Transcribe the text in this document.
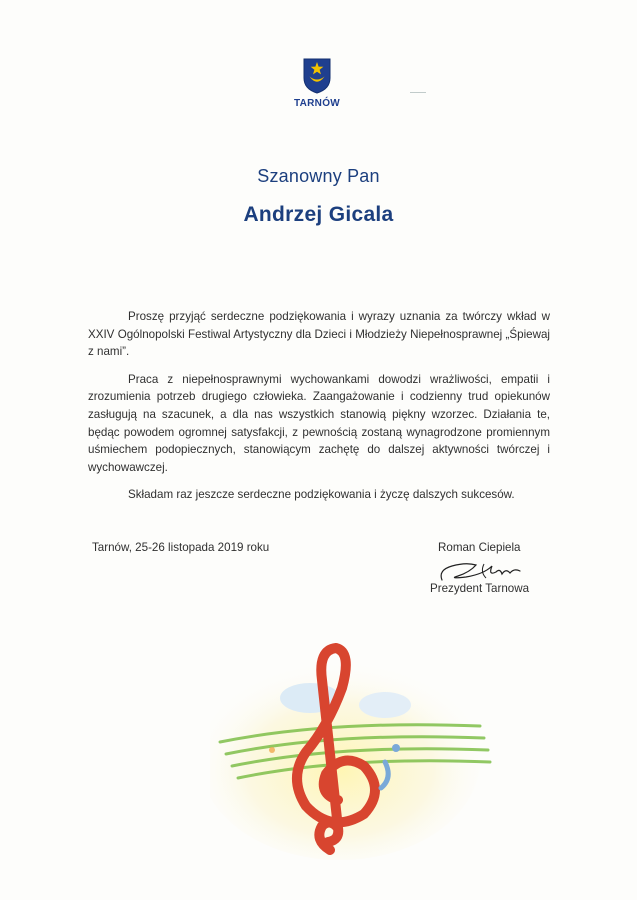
TARNÓW
Szanowny Pan
Andrzej Gicala

Proszę przyjąć serdeczne podziękowania i wyrazy uznania za twórczy wkład w XXIV Ogólnopolski Festiwal Artystyczny dla Dzieci i Młodzieży Niepełnosprawnej „Śpiewaj z nami”.

Praca z niepełnosprawnymi wychowankami dowodzi wrażliwości, empatii i zrozumienia potrzeb drugiego człowieka. Zaangażowanie i codzienny trud opiekunów zasługują na szacunek, a dla nas wszystkich stanowią piękny wzorzec. Działania te, będąc powodem ogromnej satysfakcji, z pewnością zostaną wynagrodzone promiennym uśmiechem podopiecznych, stanowiącym zachętę do dalszej aktywności twórczej i wychowawczej.

Składam raz jeszcze serdeczne podziękowania i życzę dalszych sukcesów.

Tarnów, 25-26 listopada 2019 roku	Roman Ciepiela
Prezydent Tarnowa
